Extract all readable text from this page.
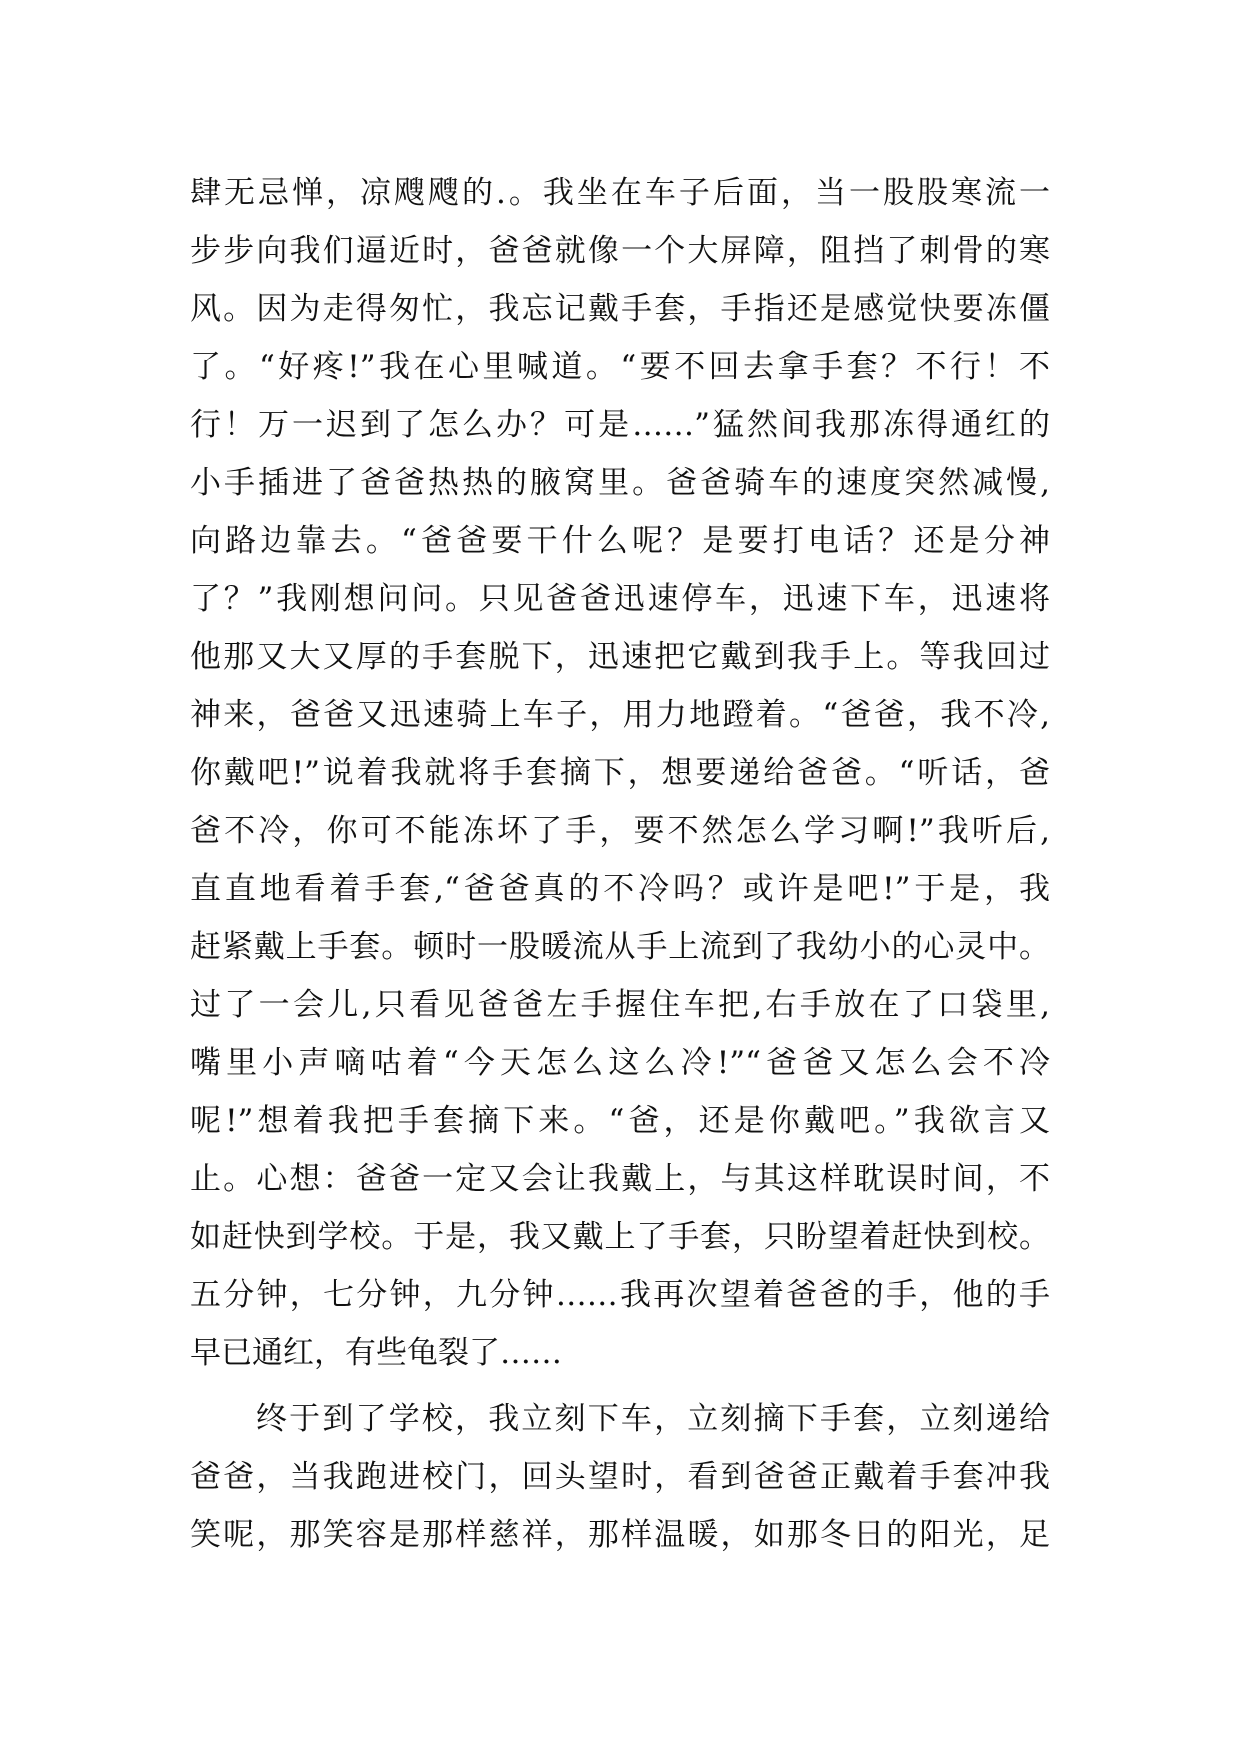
肆无忌惮，凉飕飕的.。我坐在车子后面，当一股股寒流一
步步向我们逼近时，爸爸就像一个大屏障，阻挡了刺骨的寒
风。因为走得匆忙，我忘记戴手套，手指还是感觉快要冻僵
了。“好疼!”我在心里喊道。“要不回去拿手套？不行！不
行！万一迟到了怎么办？可是……”猛然间我那冻得通红的
小手插进了爸爸热热的腋窝里。爸爸骑车的速度突然减慢,
向路边靠去。“爸爸要干什么呢？是要打电话？还是分神
了？”我刚想问问。只见爸爸迅速停车，迅速下车，迅速将
他那又大又厚的手套脱下，迅速把它戴到我手上。等我回过
神来，爸爸又迅速骑上车子，用力地蹬着。“爸爸，我不冷,
你戴吧!”说着我就将手套摘下，想要递给爸爸。“听话，爸
爸不冷，你可不能冻坏了手，要不然怎么学习啊!”我听后,
直直地看着手套,“爸爸真的不冷吗？或许是吧!”于是，我
赶紧戴上手套。顿时一股暖流从手上流到了我幼小的心灵中。
过了一会儿,只看见爸爸左手握住车把,右手放在了口袋里,
嘴里小声嘀咕着“今天怎么这么冷!”“爸爸又怎么会不冷
呢!”想着我把手套摘下来。“爸，还是你戴吧。”我欲言又
止。心想：爸爸一定又会让我戴上，与其这样耽误时间，不
如赶快到学校。于是，我又戴上了手套，只盼望着赶快到校。
五分钟，七分钟，九分钟……我再次望着爸爸的手，他的手
早已通红，有些龟裂了……
终于到了学校，我立刻下车，立刻摘下手套，立刻递给
爸爸，当我跑进校门，回头望时，看到爸爸正戴着手套冲我
笑呢，那笑容是那样慈祥，那样温暖，如那冬日的阳光，足
